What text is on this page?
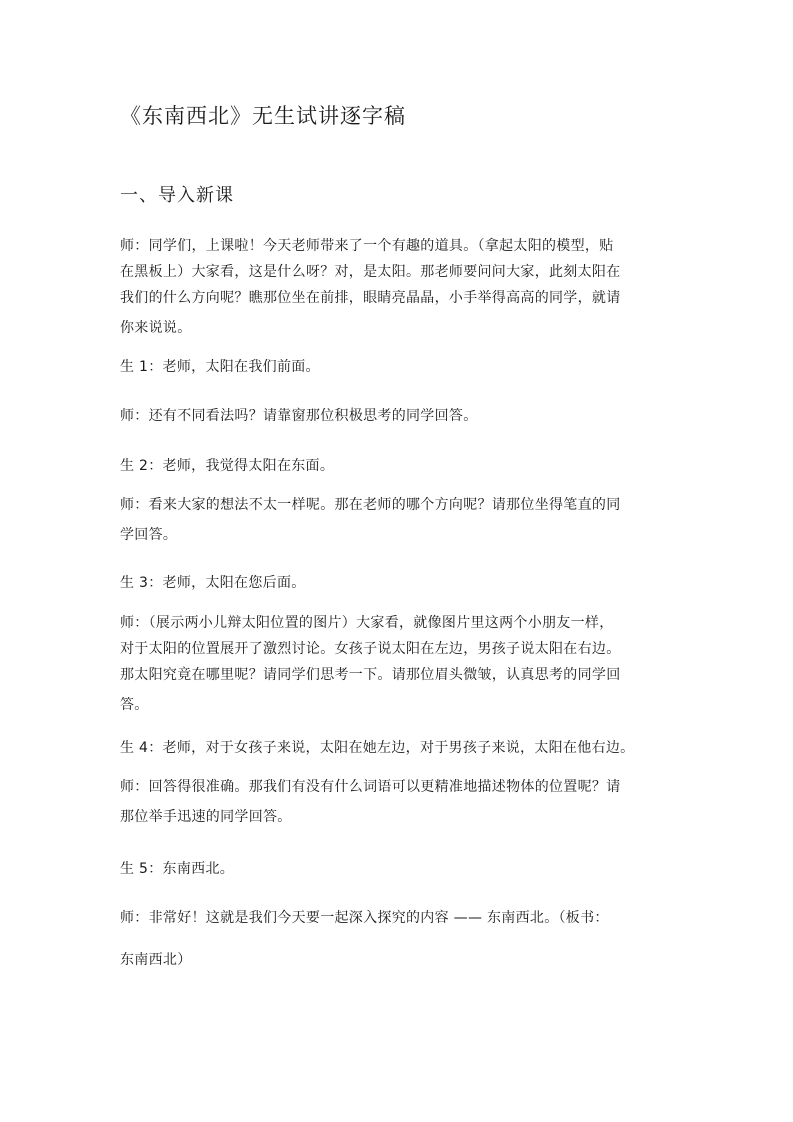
《东南西北》无生试讲逐字稿
一、导入新课

师：同学们，上课啦！今天老师带来了一个有趣的道具。（拿起太阳的模型，贴
在黑板上）大家看，这是什么呀？对，是太阳。那老师要问问大家，此刻太阳在
我们的什么方向呢？瞧那位坐在前排，眼睛亮晶晶，小手举得高高的同学，就请
你来说说。

生 1：老师，太阳在我们前面。

师：还有不同看法吗？请靠窗那位积极思考的同学回答。

生 2：老师，我觉得太阳在东面。

师：看来大家的想法不太一样呢。那在老师的哪个方向呢？请那位坐得笔直的同
学回答。

生 3：老师，太阳在您后面。

师：（展示两小儿辩太阳位置的图片）大家看，就像图片里这两个小朋友一样，
对于太阳的位置展开了激烈讨论。女孩子说太阳在左边，男孩子说太阳在右边。
那太阳究竟在哪里呢？请同学们思考一下。请那位眉头微皱，认真思考的同学回
答。

生 4：老师，对于女孩子来说，太阳在她左边，对于男孩子来说，太阳在他右边。

师：回答得很准确。那我们有没有什么词语可以更精准地描述物体的位置呢？请
那位举手迅速的同学回答。

生 5：东南西北。

师：非常好！这就是我们今天要一起深入探究的内容 —— 东南西北。（板书：
东南西北）
